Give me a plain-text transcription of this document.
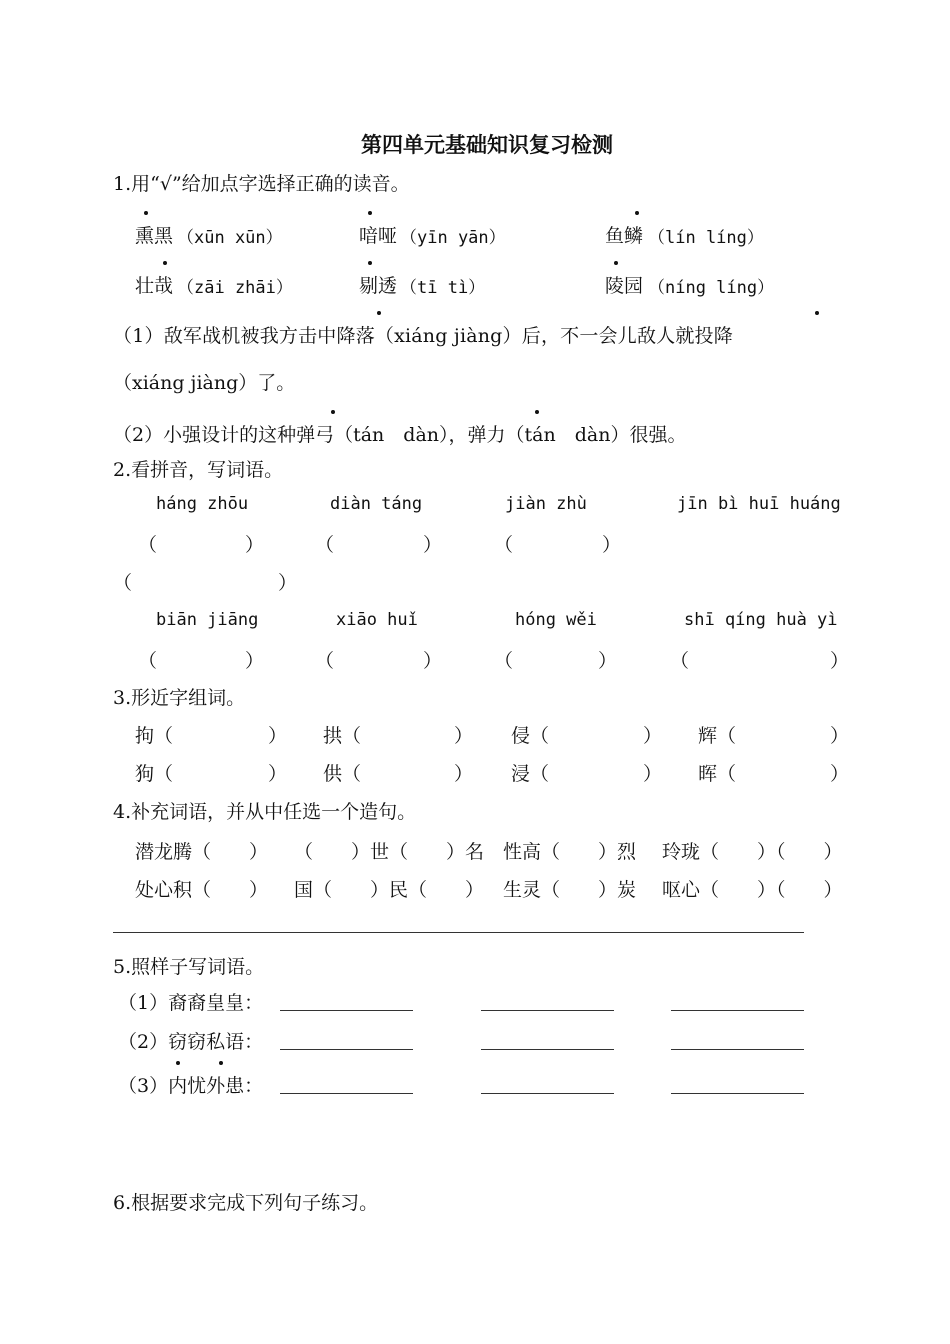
第四单元基础知识复习检测
1.用“√”给加点字选择正确的读音。
熏黑 （xūn xūn）	喑哑 （yīn yān）	鱼鳞 （lín líng）
壮哉 （zāi zhāi）	剔透 （tī tì）	陵园 （níng líng）
（1）敌军战机被我方击中降落（xiáng jiàng）后，不一会儿敌人就投降
（xiáng jiàng）了。
（2）小强设计的这种弹弓（tán　dàn），弹力（tán　dàn）很强。
2.看拼音，写词语。
háng zhōu	diàn táng	jiàn zhù	jīn bì huī huáng
（	）	（	）	（	）
（	）
biān jiāng	xiāo huǐ	hóng wěi	shī qíng huà yì
（	）	（	）	（	）	（	）
3.形近字组词。
拘（	） 拱（	） 侵（	） 辉（	）
狗（	） 供（	） 浸（	） 晖（	）
4.补充词语，并从中任选一个造句。
潜龙腾（　　） （　　）世（　　）名 性高（　　）烈 玲珑（　　）（　　）
处心积（　　） 国（　　）民（　　） 生灵（　　）炭 呕心（　　）（　　）
5.照样子写词语。
（1）裔裔皇皇：
（2）窃窃私语：
（3）内忧外患：
6.根据要求完成下列句子练习。
